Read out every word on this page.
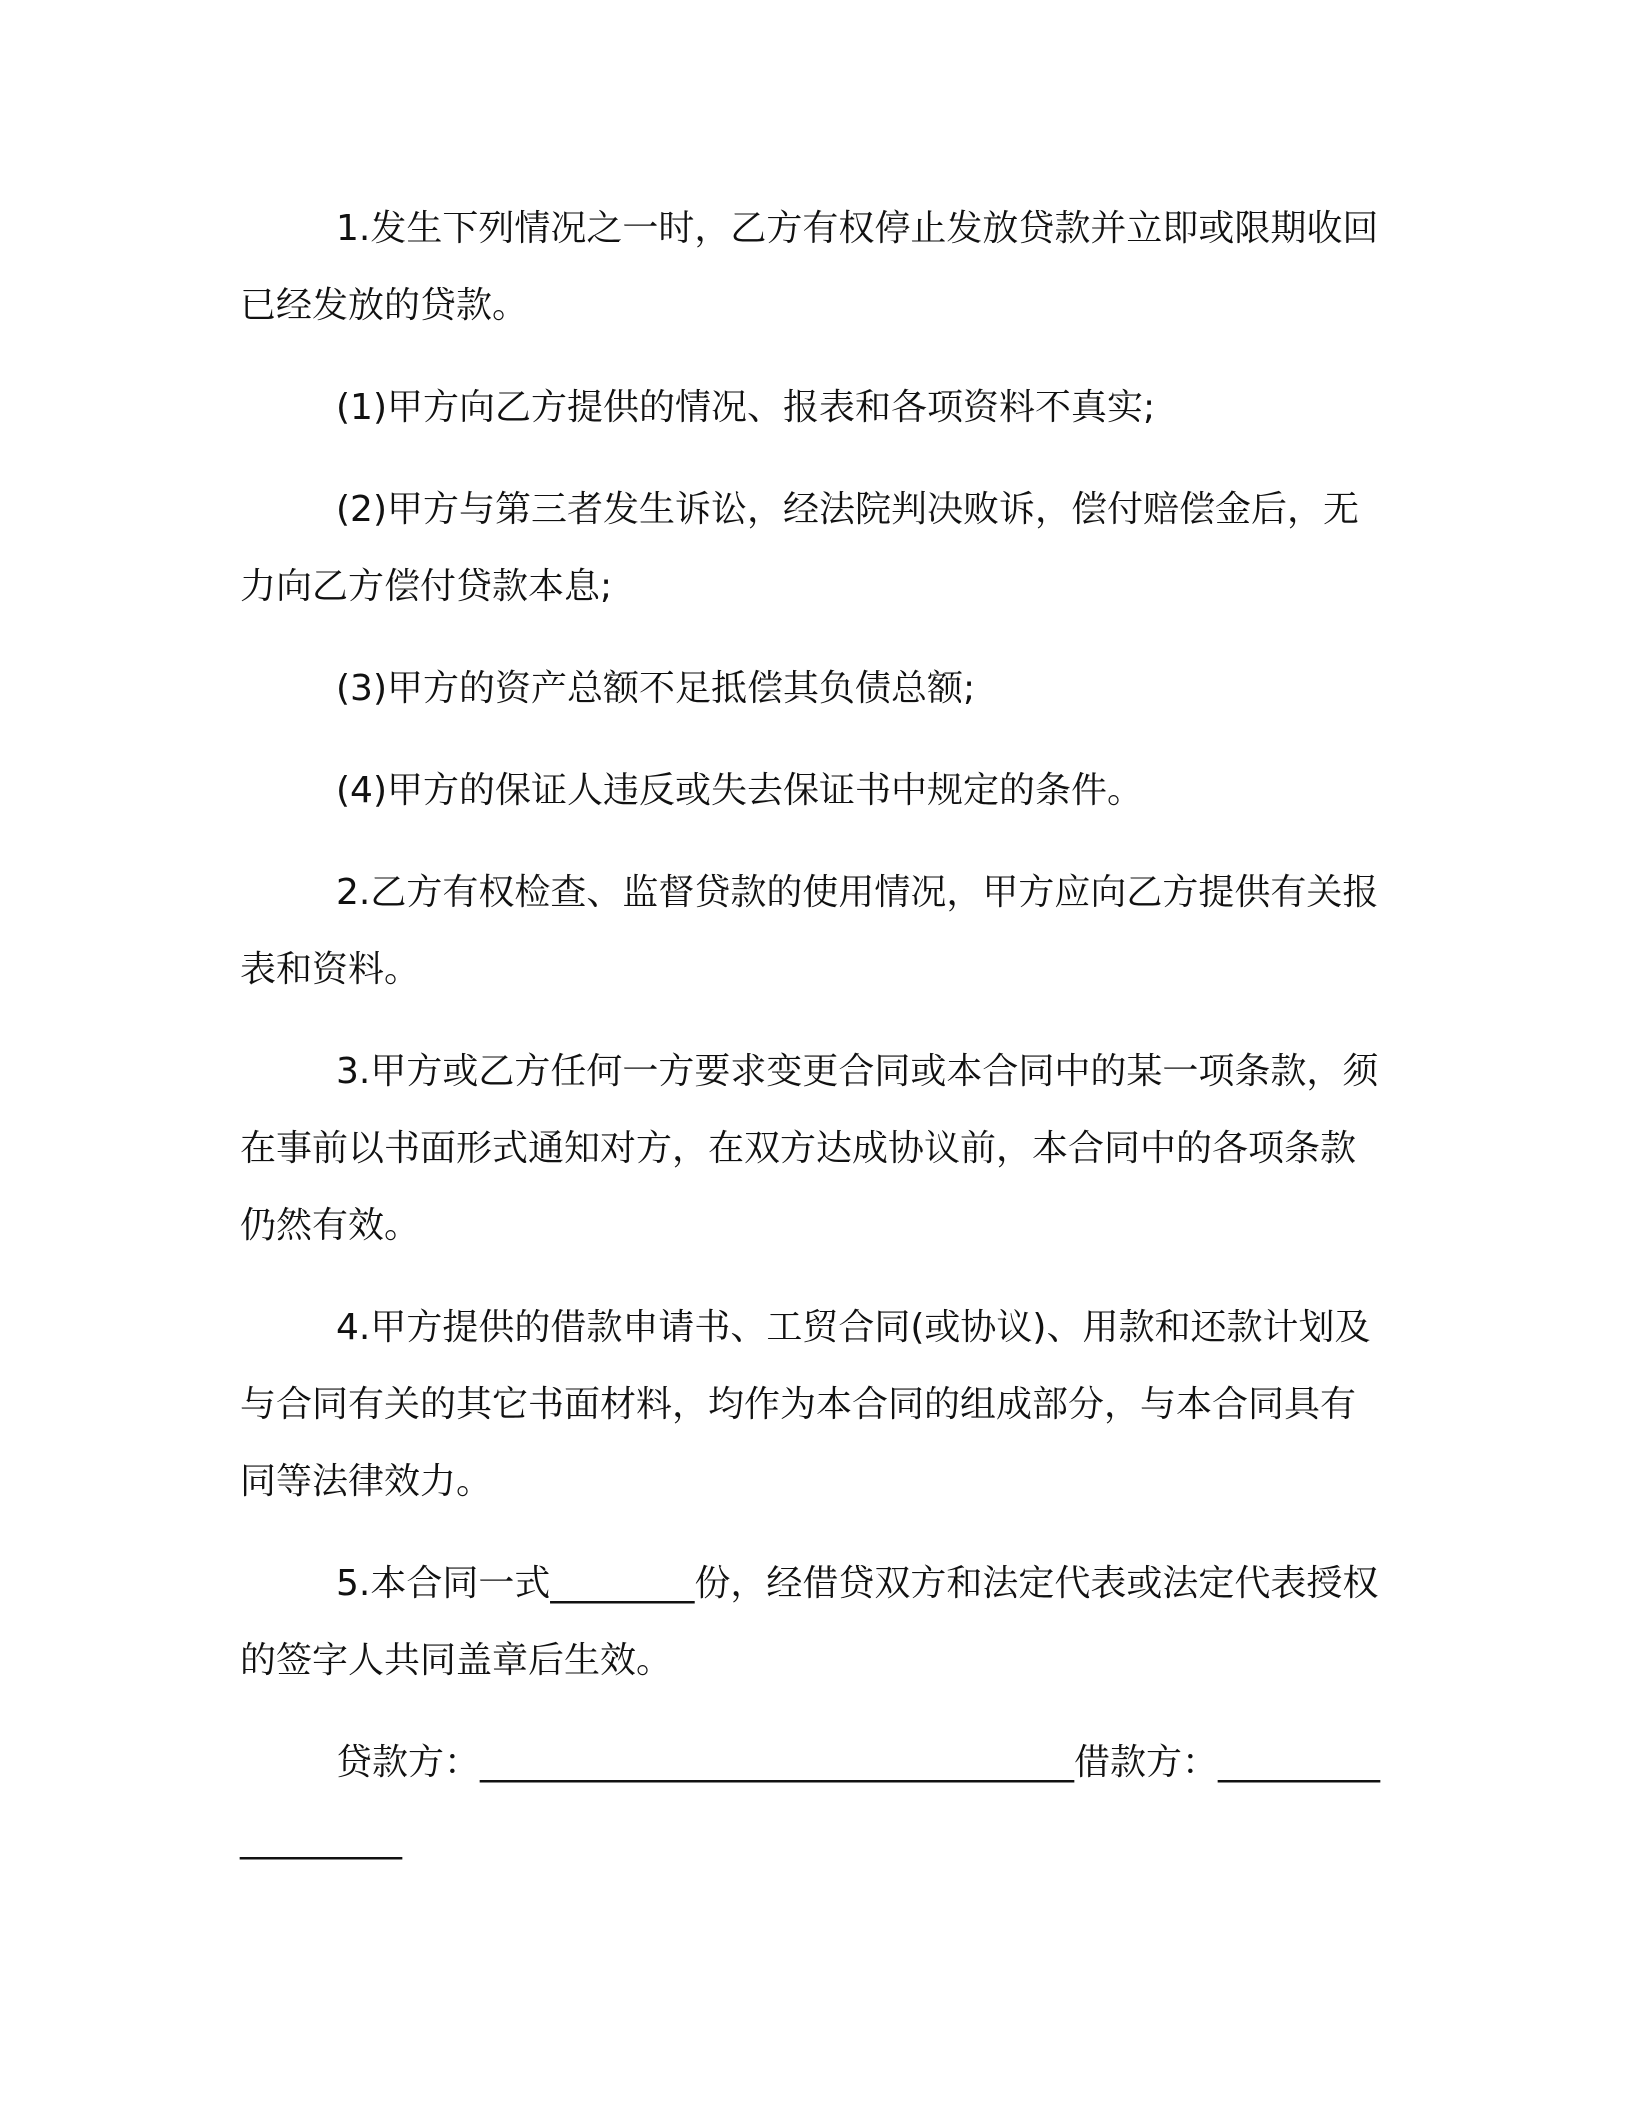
1.发生下列情况之一时，乙方有权停止发放贷款并立即或限期收回已经发放的贷款。

(1)甲方向乙方提供的情况、报表和各项资料不真实;

(2)甲方与第三者发生诉讼，经法院判决败诉，偿付赔偿金后，无力向乙方偿付贷款本息;

(3)甲方的资产总额不足抵偿其负债总额;

(4)甲方的保证人违反或失去保证书中规定的条件。

2.乙方有权检查、监督贷款的使用情况，甲方应向乙方提供有关报表和资料。

3.甲方或乙方任何一方要求变更合同或本合同中的某一项条款，须在事前以书面形式通知对方，在双方达成协议前，本合同中的各项条款仍然有效。

4.甲方提供的借款申请书、工贸合同(或协议)、用款和还款计划及与合同有关的其它书面材料，均作为本合同的组成部分，与本合同具有同等法律效力。

5.本合同一式________份，经借贷双方和法定代表或法定代表授权的签字人共同盖章后生效。

贷款方：_________________________________借款方：__________________
